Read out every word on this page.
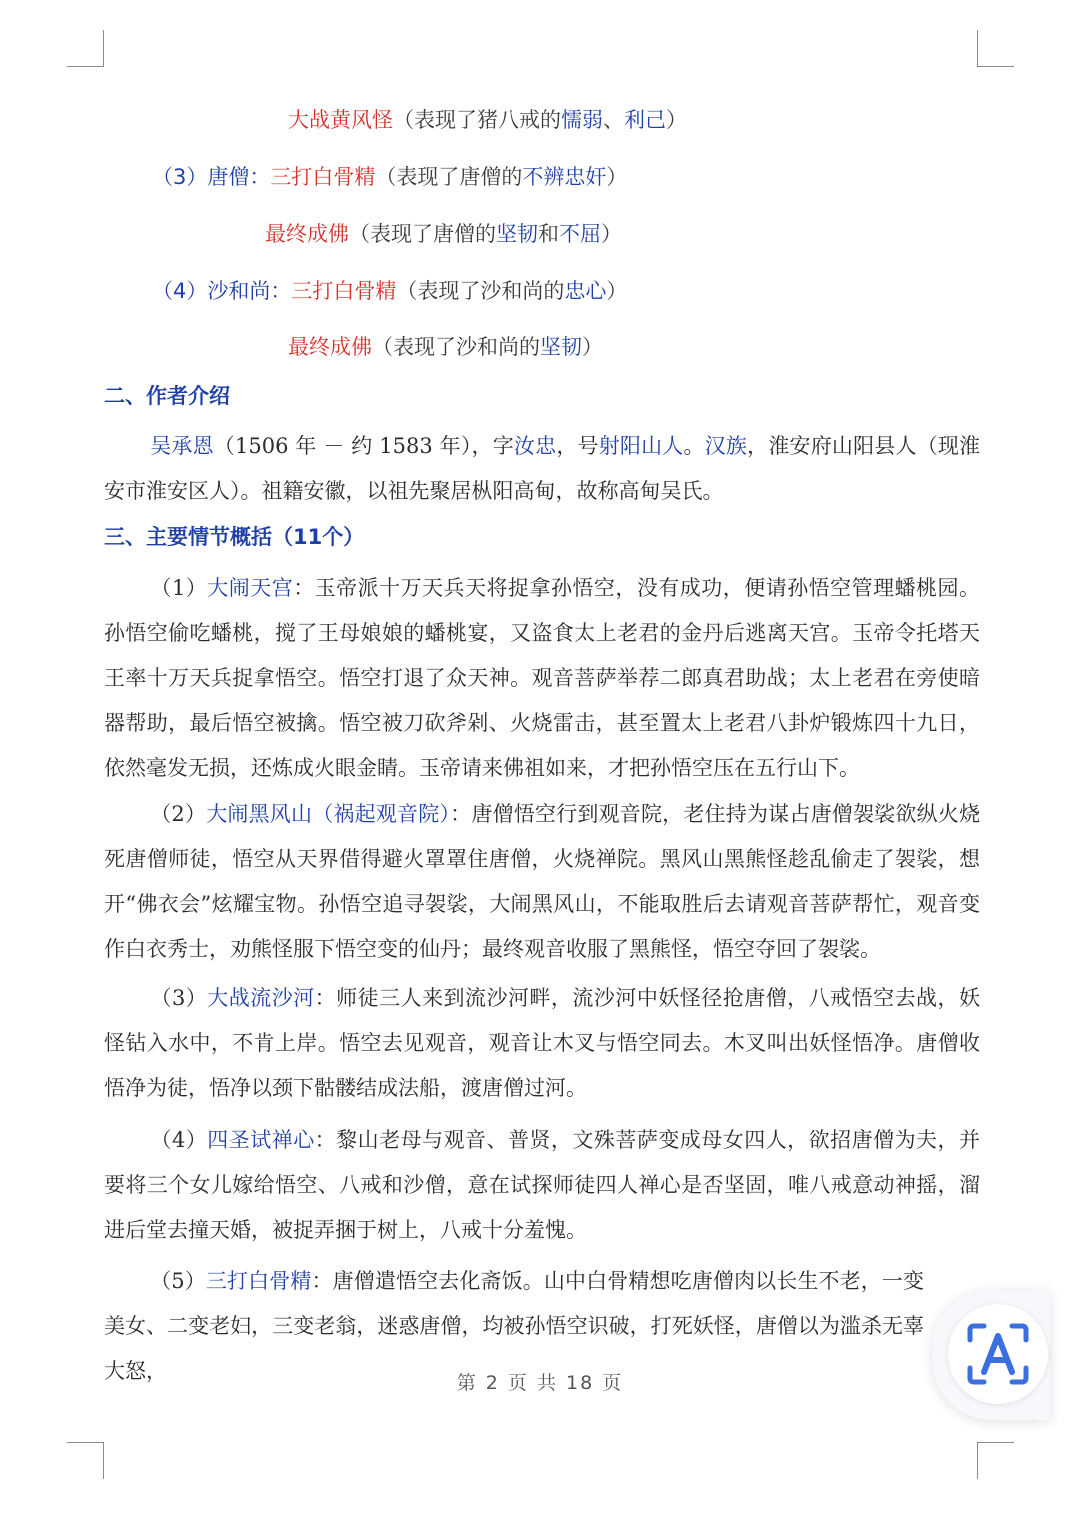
大战黄风怪（表现了猪八戒的懦弱、利己）
（3）唐僧：三打白骨精（表现了唐僧的不辨忠奸）
最终成佛（表现了唐僧的坚韧和不屈）
（4）沙和尚：三打白骨精（表现了沙和尚的忠心）
最终成佛（表现了沙和尚的坚韧）
二、作者介绍
吴承恩（1506 年 － 约 1583 年），字汝忠，号射阳山人。汉族，淮安府山阳县人（现淮安市淮安区人）。祖籍安徽，以祖先聚居枞阳高甸，故称高甸吴氏。
三、主要情节概括（11个）
（1）大闹天宫：玉帝派十万天兵天将捉拿孙悟空，没有成功，便请孙悟空管理蟠桃园。孙悟空偷吃蟠桃，搅了王母娘娘的蟠桃宴，又盗食太上老君的金丹后逃离天宫。玉帝令托塔天王率十万天兵捉拿悟空。悟空打退了众天神。观音菩萨举荐二郎真君助战；太上老君在旁使暗器帮助，最后悟空被擒。悟空被刀砍斧剁、火烧雷击，甚至置太上老君八卦炉锻炼四十九日，依然毫发无损，还炼成火眼金睛。玉帝请来佛祖如来，才把孙悟空压在五行山下。
（2）大闹黑风山（祸起观音院）：唐僧悟空行到观音院，老住持为谋占唐僧袈裟欲纵火烧死唐僧师徒，悟空从天界借得避火罩罩住唐僧，火烧禅院。黑风山黑熊怪趁乱偷走了袈裟，想开“佛衣会”炫耀宝物。孙悟空追寻袈裟，大闹黑风山，不能取胜后去请观音菩萨帮忙，观音变作白衣秀士，劝熊怪服下悟空变的仙丹；最终观音收服了黑熊怪，悟空夺回了袈裟。
（3）大战流沙河：师徒三人来到流沙河畔，流沙河中妖怪径抢唐僧，八戒悟空去战，妖怪钻入水中，不肯上岸。悟空去见观音，观音让木叉与悟空同去。木叉叫出妖怪悟净。唐僧收悟净为徒，悟净以颈下骷髅结成法船，渡唐僧过河。
（4）四圣试禅心：黎山老母与观音、普贤，文殊菩萨变成母女四人，欲招唐僧为夫，并要将三个女儿嫁给悟空、八戒和沙僧，意在试探师徒四人禅心是否坚固，唯八戒意动神摇，溜进后堂去撞天婚，被捉弄捆于树上，八戒十分羞愧。
（5）三打白骨精：唐僧遣悟空去化斋饭。山中白骨精想吃唐僧肉以长生不老，一变美女、二变老妇，三变老翁，迷惑唐僧，均被孙悟空识破，打死妖怪，唐僧以为滥杀无辜大怒，	第 2 页 共 18 页
